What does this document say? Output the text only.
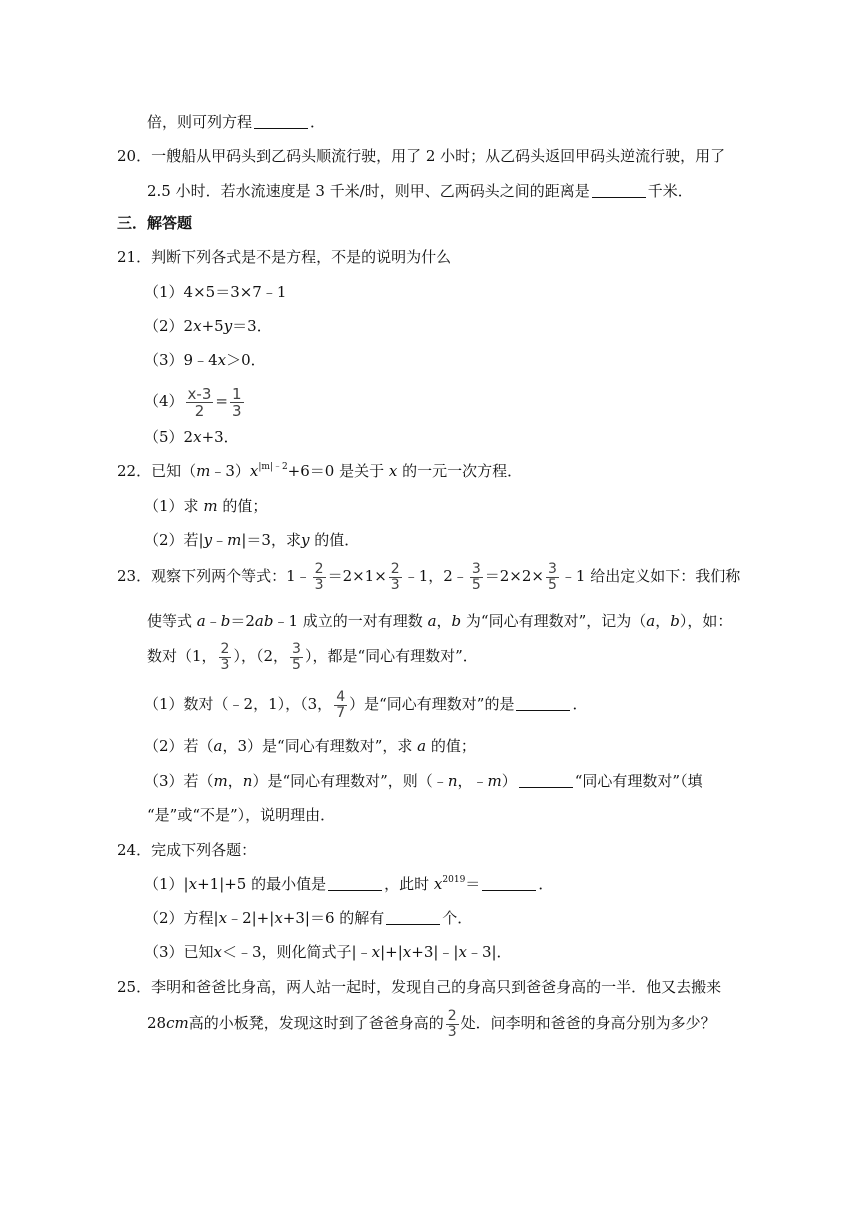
倍，则可列方程	．
20．一艘船从甲码头到乙码头顺流行驶，用了 2 小时；从乙码头返回甲码头逆流行驶，用了
2.5 小时．若水流速度是 3 千米/时，则甲、乙两码头之间的距离是	千米．
三．解答题
21．判断下列各式是不是方程，不是的说明为什么
（1）4×5＝3×7﹣1
（2）2x+5y＝3．
（3）9﹣4x＞0．
$(4) \frac{x-3}{2} = \frac{1}{3}$
（5）2x+3．
22．已知$(m﹣3)x^{|m|﹣2}+6=0$ 是关于 x 的一元一次方程．
（1）求 m 的值；
（2）若|y﹣m|＝3，求y 的值．
23．观察下列两个等式：1﹣ $\frac{2}{3} =2\times 1\times \frac{2}{3}$ ﹣1，2﹣ $\frac{3}{5} =2\times 2\times \frac{3}{5}$ ﹣1 给出定义如下：我们称
使等式 a﹣b＝2ab﹣1 成立的一对有理数 a，b 为“同心有理数对”，记为（a，b），如：
数对（1， $\frac{2}{3}$ ），（2， $\frac{3}{5}$ ），都是“同心有理数对”．
（1）数对（﹣2，1），（3， $\frac{4}{7}$ ）是“同心有理数对”的是	．
（2）若（a，3）是“同心有理数对”，求 a 的值；
（3）若（m，n）是“同心有理数对”，则（﹣n，﹣m）	“同心有理数对”（填
“是”或“不是”），说明理由．
24．完成下列各题：
（1）|x+1|+5 的最小值是	，此时 $x^{2019}=$	．
（2）方程|x﹣2|+|x+3|＝6 的解有	个．
（3）已知x＜﹣3，则化简式子|﹣x|+|x+3|﹣|x﹣3|．
25．李明和爸爸比身高，两人站一起时，发现自己的身高只到爸爸身高的一半．他又去搬来
28cm高的小板凳，发现这时到了爸爸身高的 $\frac{2}{3}$ 处．问李明和爸爸的身高分别为多少？
